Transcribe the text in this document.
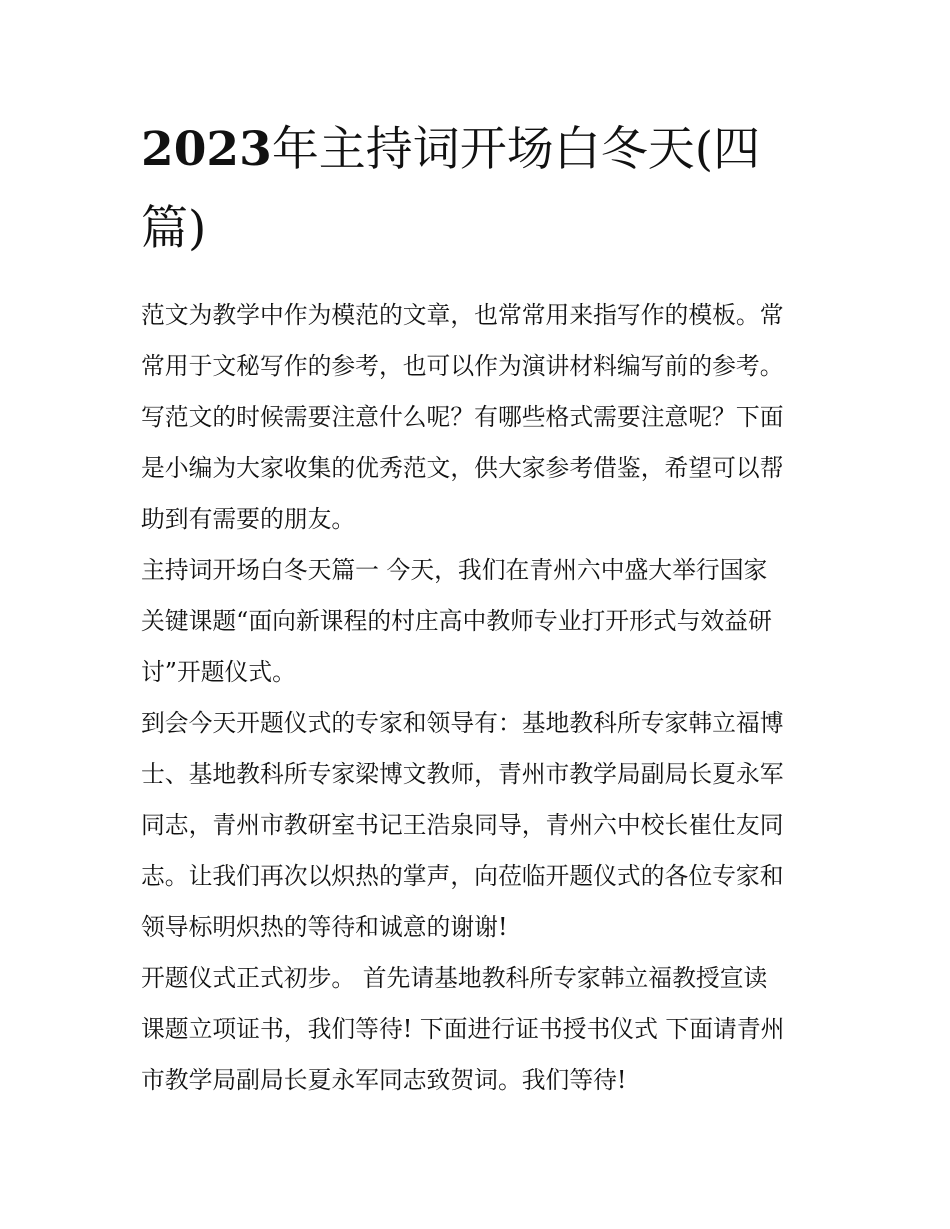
2023年主持词开场白冬天(四篇)

范文为教学中作为模范的文章，也常常用来指写作的模板。常
常用于文秘写作的参考，也可以作为演讲材料编写前的参考。
写范文的时候需要注意什么呢？有哪些格式需要注意呢？下面
是小编为大家收集的优秀范文，供大家参考借鉴，希望可以帮
助到有需要的朋友。

主持词开场白冬天篇一 今天，我们在青州六中盛大举行国家
关键课题“面向新课程的村庄高中教师专业打开形式与效益研
讨”开题仪式。

到会今天开题仪式的专家和领导有：基地教科所专家韩立福博
士、基地教科所专家梁博文教师，青州市教学局副局长夏永军
同志，青州市教研室书记王浩泉同导，青州六中校长崔仕友同
志。让我们再次以炽热的掌声，向莅临开题仪式的各位专家和
领导标明炽热的等待和诚意的谢谢!

开题仪式正式初步。 首先请基地教科所专家韩立福教授宣读
课题立项证书，我们等待! 下面进行证书授书仪式 下面请青州
市教学局副局长夏永军同志致贺词。我们等待!
